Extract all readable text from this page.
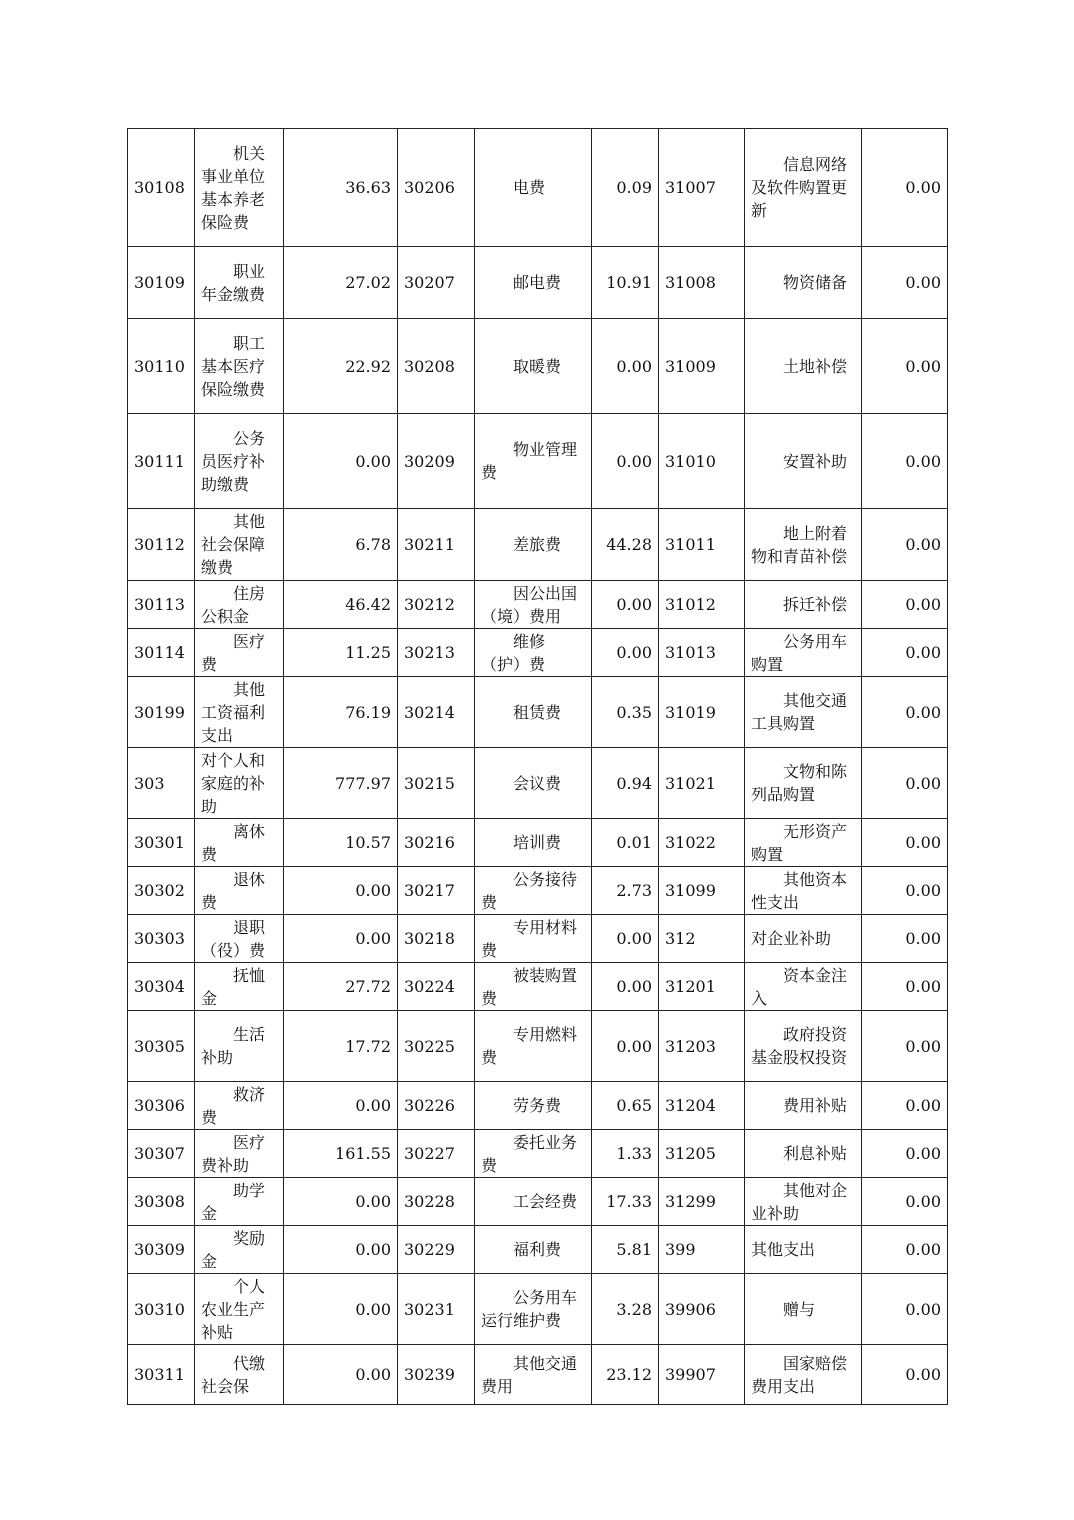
30108	机关事业单位基本养老保险费	36.63	30206	电费	0.09	31007	信息网络及软件购置更新	0.00
30109	职业年金缴费	27.02	30207	邮电费	10.91	31008	物资储备	0.00
30110	职工基本医疗保险缴费	22.92	30208	取暖费	0.00	31009	土地补偿	0.00
30111	公务员医疗补助缴费	0.00	30209	物业管理费	0.00	31010	安置补助	0.00
30112	其他社会保障缴费	6.78	30211	差旅费	44.28	31011	地上附着物和青苗补偿	0.00
30113	住房公积金	46.42	30212	因公出国（境）费用	0.00	31012	拆迁补偿	0.00
30114	医疗费	11.25	30213	维修（护）费	0.00	31013	公务用车购置	0.00
30199	其他工资福利支出	76.19	30214	租赁费	0.35	31019	其他交通工具购置	0.00
303	对个人和家庭的补助	777.97	30215	会议费	0.94	31021	文物和陈列品购置	0.00
30301	离休费	10.57	30216	培训费	0.01	31022	无形资产购置	0.00
30302	退休费	0.00	30217	公务接待费	2.73	31099	其他资本性支出	0.00
30303	退职（役）费	0.00	30218	专用材料费	0.00	312	对企业补助	0.00
30304	抚恤金	27.72	30224	被装购置费	0.00	31201	资本金注入	0.00
30305	生活补助	17.72	30225	专用燃料费	0.00	31203	政府投资基金股权投资	0.00
30306	救济费	0.00	30226	劳务费	0.65	31204	费用补贴	0.00
30307	医疗费补助	161.55	30227	委托业务费	1.33	31205	利息补贴	0.00
30308	助学金	0.00	30228	工会经费	17.33	31299	其他对企业补助	0.00
30309	奖励金	0.00	30229	福利费	5.81	399	其他支出	0.00
30310	个人农业生产补贴	0.00	30231	公务用车运行维护费	3.28	39906	赠与	0.00
30311	代缴社会保	0.00	30239	其他交通费用	23.12	39907	国家赔偿费用支出	0.00
